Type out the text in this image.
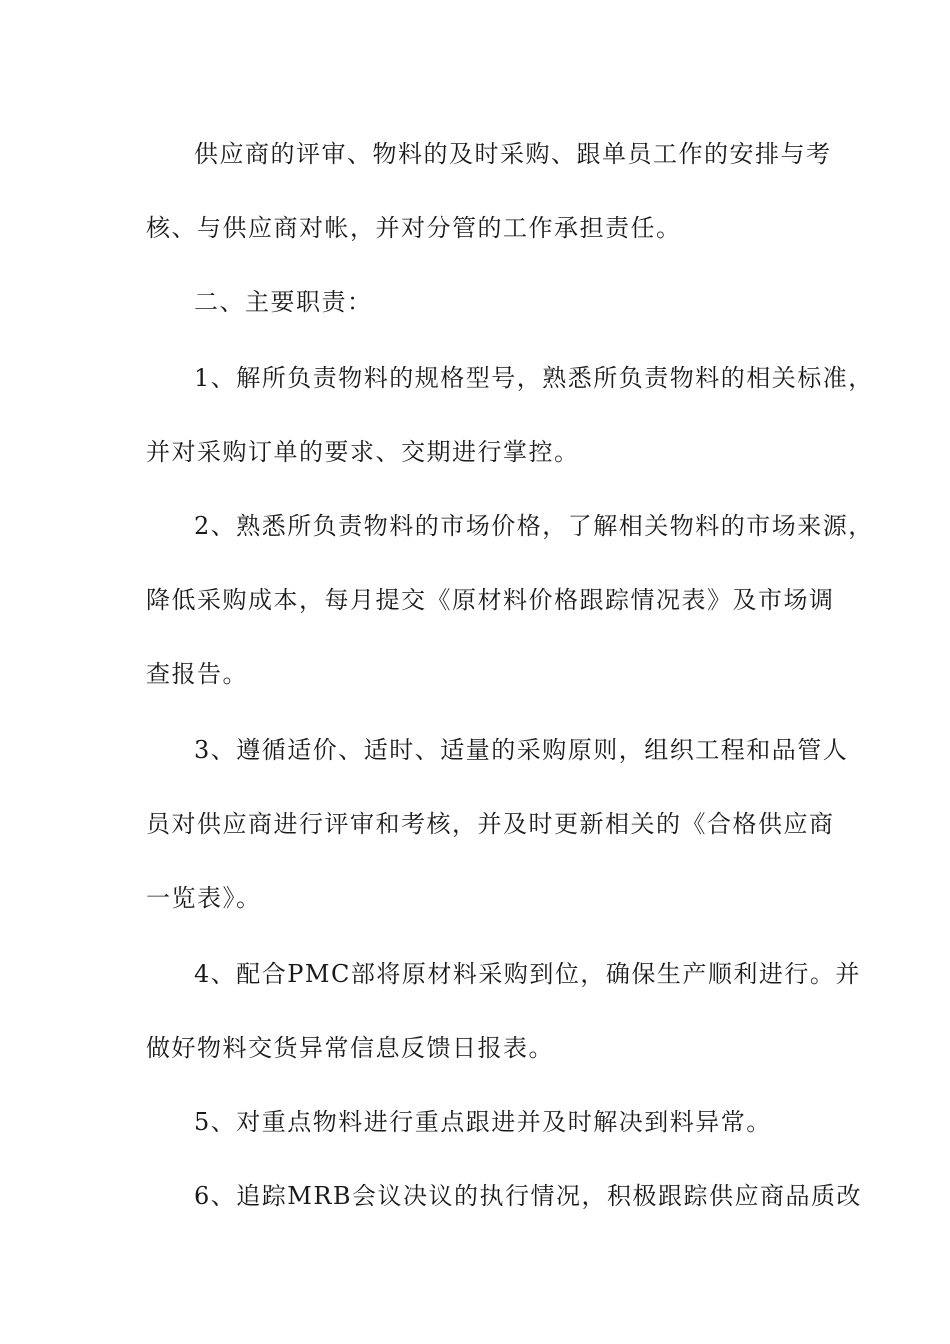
供应商的评审、物料的及时采购、跟单员工作的安排与考

核、与供应商对帐，并对分管的工作承担责任。

二、主要职责：

1、解所负责物料的规格型号，熟悉所负责物料的相关标准，

并对采购订单的要求、交期进行掌控。

2、熟悉所负责物料的市场价格，了解相关物料的市场来源，

降低采购成本，每月提交《原材料价格跟踪情况表》及市场调

查报告。

3、遵循适价、适时、适量的采购原则，组织工程和品管人

员对供应商进行评审和考核，并及时更新相关的《合格供应商

一览表》。

4、配合PMC部将原材料采购到位，确保生产顺利进行。并

做好物料交货异常信息反馈日报表。

5、对重点物料进行重点跟进并及时解决到料异常。

6、追踪MRB会议决议的执行情况，积极跟踪供应商品质改
